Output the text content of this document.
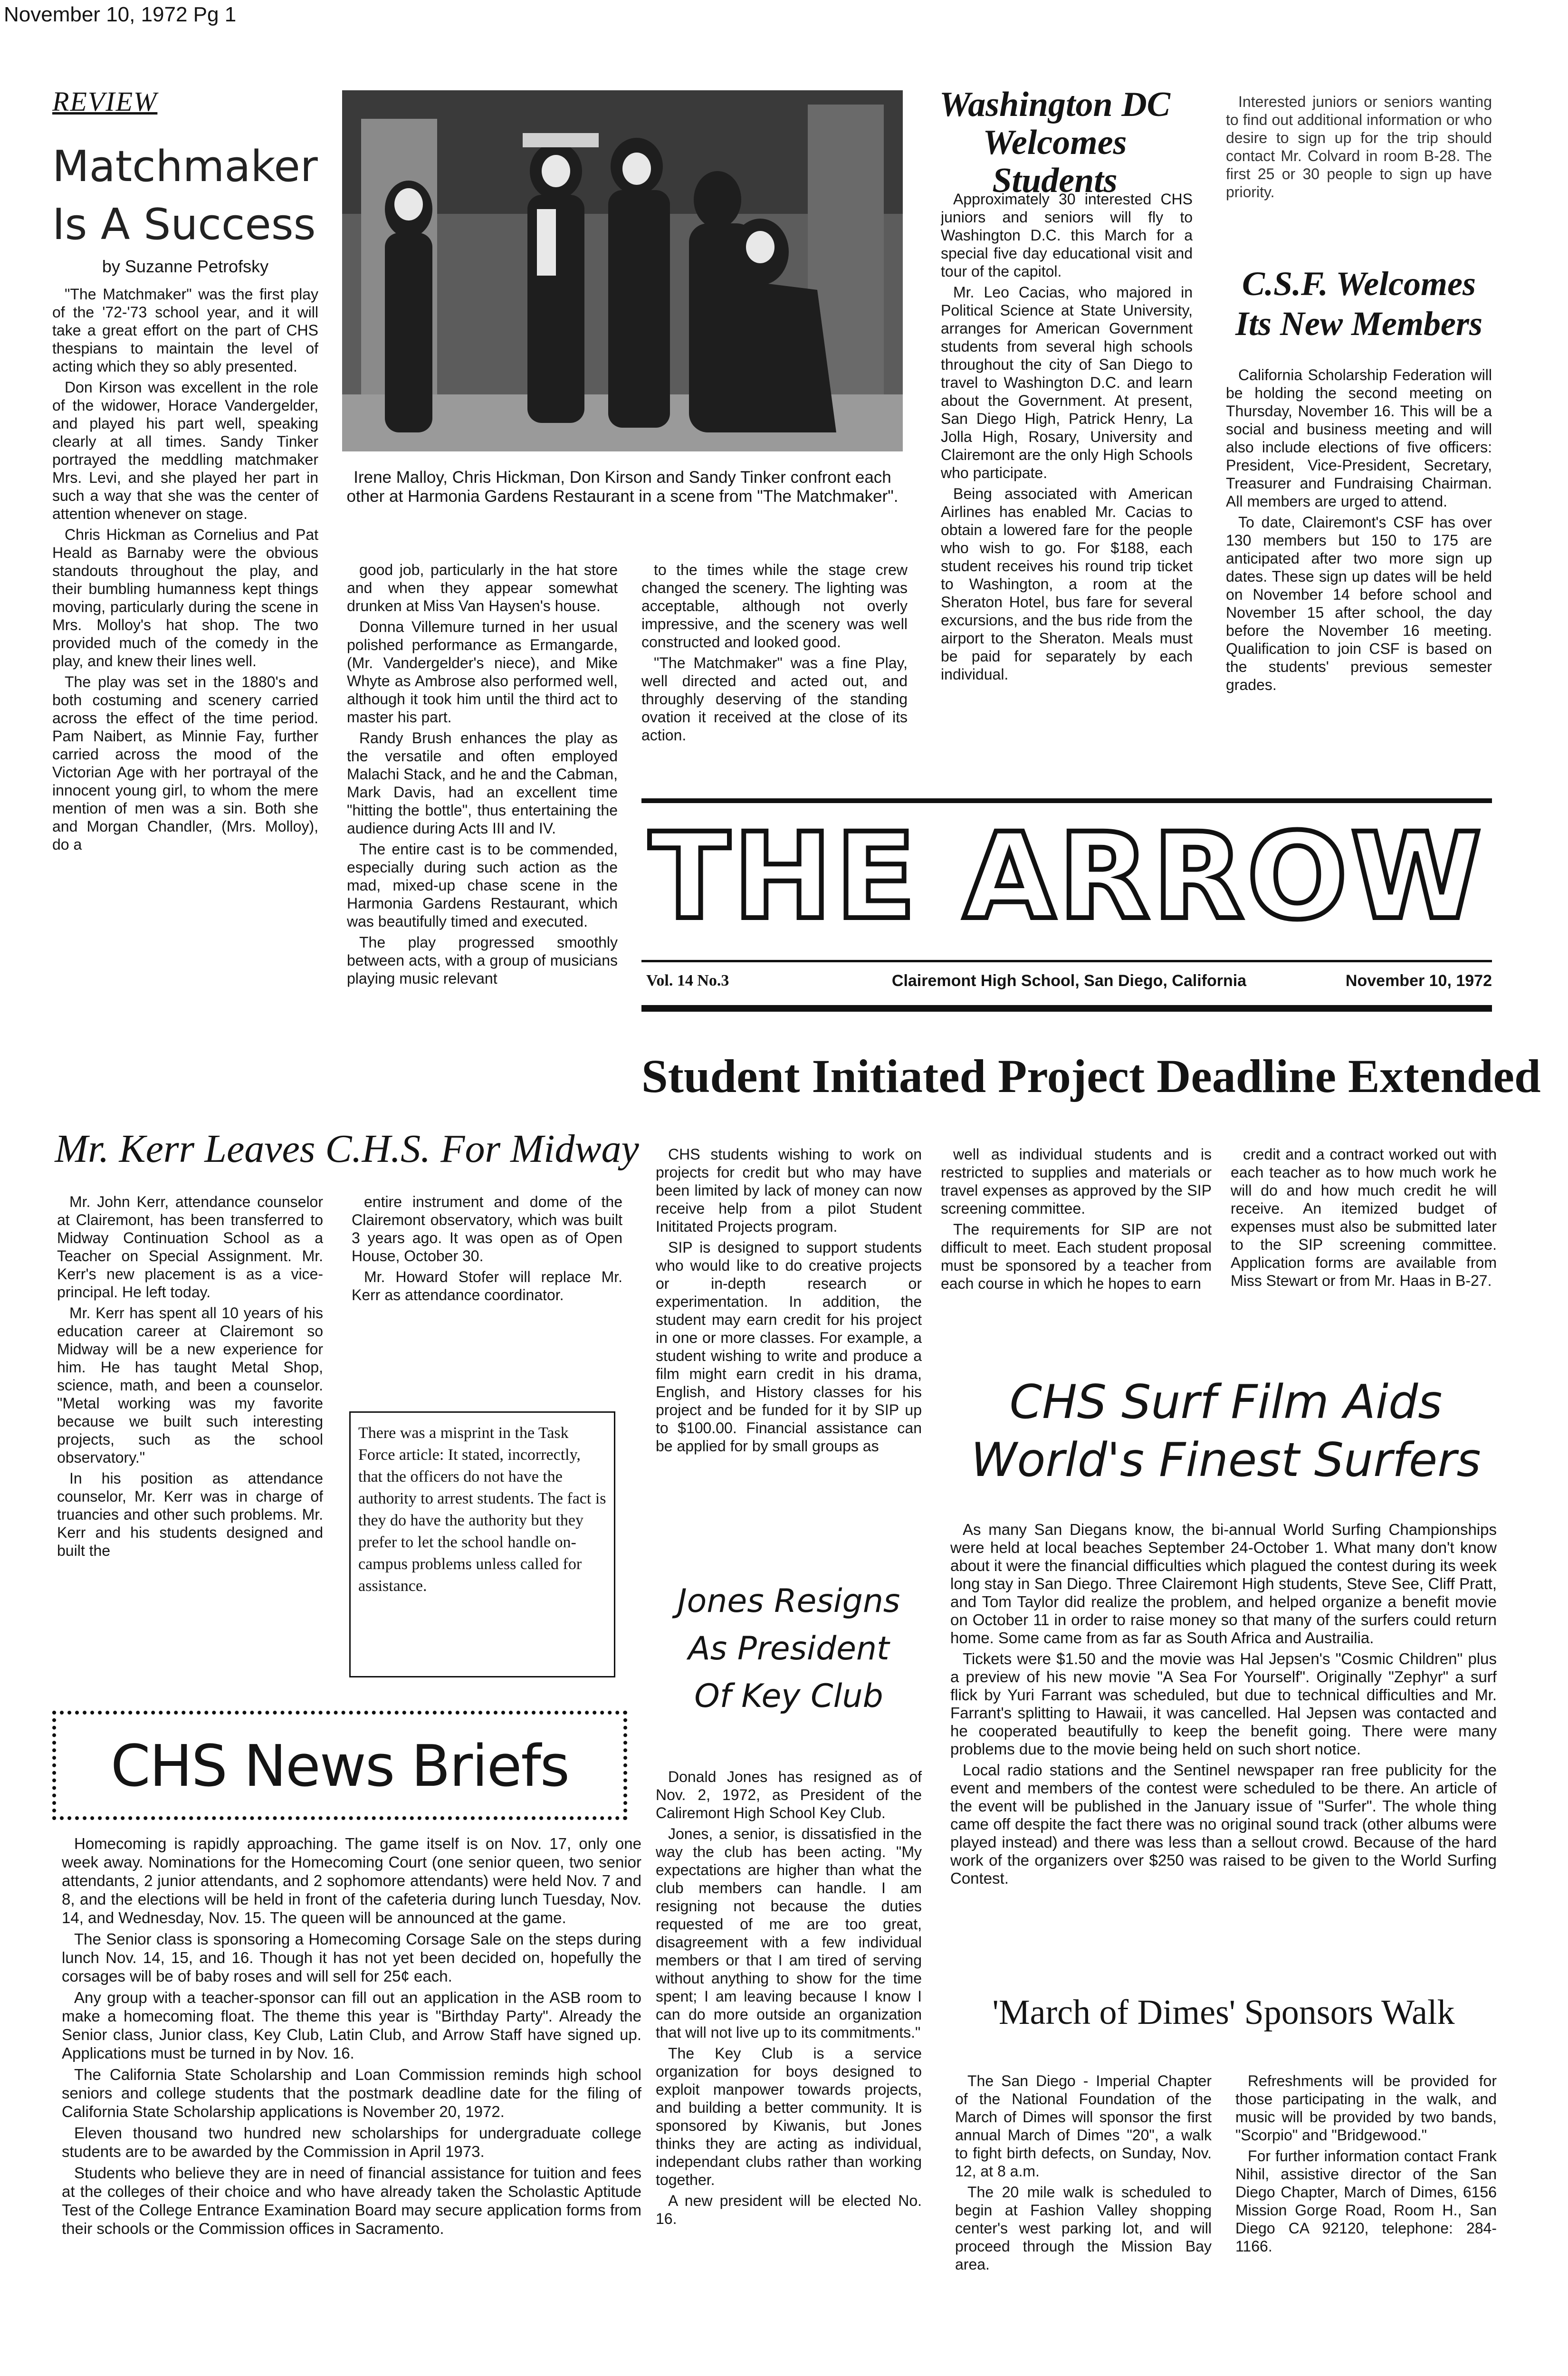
November 10, 1972 Pg 1
REVIEW
Matchmaker
Is A Success
by Suzanne Petrofsky

"The Matchmaker" was the first play of the '72-'73 school year, and it will take a great effort on the part of CHS thespians to maintain the level of acting which they so ably presented.

Don Kirson was excellent in the role of the widower, Horace Vandergelder, and played his part well, speaking clearly at all times. Sandy Tinker portrayed the meddling matchmaker Mrs. Levi, and she played her part in such a way that she was the center of attention whenever on stage.

Chris Hickman as Cornelius and Pat Heald as Barnaby were the obvious standouts throughout the play, and their bumbling humanness kept things moving, particularly during the scene in Mrs. Molloy's hat shop. The two provided much of the comedy in the play, and knew their lines well.

The play was set in the 1880's and both costuming and scenery carried across the effect of the time period. Pam Naibert, as Minnie Fay, further carried across the mood of the Victorian Age with her portrayal of the innocent young girl, to whom the mere mention of men was a sin. Both she and Morgan Chandler, (Mrs. Molloy), do a

Irene Malloy, Chris Hickman, Don Kirson and Sandy Tinker confront each other at Harmonia Gardens Restaurant in a scene from "The Matchmaker".

good job, particularly in the hat store and when they appear somewhat drunken at Miss Van Haysen's house.

Donna Villemure turned in her usual polished performance as Ermangarde, (Mr. Vandergelder's niece), and Mike Whyte as Ambrose also performed well, although it took him until the third act to master his part.

Randy Brush enhances the play as the versatile and often employed Malachi Stack, and he and the Cabman, Mark Davis, had an excellent time "hitting the bottle", thus entertaining the audience during Acts III and IV.

The entire cast is to be commended, especially during such action as the mad, mixed-up chase scene in the Harmonia Gardens Restaurant, which was beautifully timed and executed.

The play progressed smoothly between acts, with a group of musicians playing music relevant

to the times while the stage crew changed the scenery. The lighting was acceptable, although not overly impressive, and the scenery was well constructed and looked good.

"The Matchmaker" was a fine Play, well directed and acted out, and throughly deserving of the standing ovation it received at the close of its action.

Washington DC
Welcomes Students

Approximately 30 interested CHS juniors and seniors will fly to Washington D.C. this March for a special five day educational visit and tour of the capitol.

Mr. Leo Cacias, who majored in Political Science at State University, arranges for American Government students from several high schools throughout the city of San Diego to travel to Washington D.C. and learn about the Government. At present, San Diego High, Patrick Henry, La Jolla High, Rosary, University and Clairemont are the only High Schools who participate.

Being associated with American Airlines has enabled Mr. Cacias to obtain a lowered fare for the people who wish to go. For $188, each student receives his round trip ticket to Washington, a room at the Sheraton Hotel, bus fare for several excursions, and the bus ride from the airport to the Sheraton. Meals must be paid for separately by each individual.

Interested juniors or seniors wanting to find out additional information or who desire to sign up for the trip should contact Mr. Colvard in room B-28. The first 25 or 30 people to sign up have priority.

C.S.F. Welcomes
Its New Members

California Scholarship Federation will be holding the second meeting on Thursday, November 16. This will be a social and business meeting and will also include elections of five officers: President, Vice-President, Secretary, Treasurer and Fundraising Chairman. All members are urged to attend.

To date, Clairemont's CSF has over 130 members but 150 to 175 are anticipated after two more sign up dates. These sign up dates will be held on November 14 before school and November 15 after school, the day before the November 16 meeting. Qualification to join CSF is based on the students' previous semester grades.

THE ARROW
Vol. 14 No.3	Clairemont High School, San Diego, California	November 10, 1972
Student Initiated Project Deadline Extended
Mr. Kerr Leaves C.H.S. For Midway

Mr. John Kerr, attendance counselor at Clairemont, has been transferred to Midway Continuation School as a Teacher on Special Assignment. Mr. Kerr's new placement is as a vice-principal. He left today.

Mr. Kerr has spent all 10 years of his education career at Clairemont so Midway will be a new experience for him. He has taught Metal Shop, science, math, and been a counselor. "Metal working was my favorite because we built such interesting projects, such as the school observatory."

In his position as attendance counselor, Mr. Kerr was in charge of truancies and other such problems. Mr. Kerr and his students designed and built the

entire instrument and dome of the Clairemont observatory, which was built 3 years ago. It was open as of Open House, October 30.

Mr. Howard Stofer will replace Mr. Kerr as attendance coordinator.

There was a misprint in the Task Force article: It stated, incorrectly, that the officers do not have the authority to arrest students. The fact is they do have the authority but they prefer to let the school handle on-campus problems unless called for assistance.
CHS News Briefs

Homecoming is rapidly approaching. The game itself is on Nov. 17, only one week away. Nominations for the Homecoming Court (one senior queen, two senior attendants, 2 junior attendants, and 2 sophomore attendants) were held Nov. 7 and 8, and the elections will be held in front of the cafeteria during lunch Tuesday, Nov. 14, and Wednesday, Nov. 15. The queen will be announced at the game.

The Senior class is sponsoring a Homecoming Corsage Sale on the steps during lunch Nov. 14, 15, and 16. Though it has not yet been decided on, hopefully the corsages will be of baby roses and will sell for 25¢ each.

Any group with a teacher-sponsor can fill out an application in the ASB room to make a homecoming float. The theme this year is "Birthday Party". Already the Senior class, Junior class, Key Club, Latin Club, and Arrow Staff have signed up. Applications must be turned in by Nov. 16.

The California State Scholarship and Loan Commission reminds high school seniors and college students that the postmark deadline date for the filing of California State Scholarship applications is November 20, 1972.

Eleven thousand two hundred new scholarships for undergraduate college students are to be awarded by the Commission in April 1973.

Students who believe they are in need of financial assistance for tuition and fees at the colleges of their choice and who have already taken the Scholastic Aptitude Test of the College Entrance Examination Board may secure application forms from their schools or the Commission offices in Sacramento.

CHS students wishing to work on projects for credit but who may have been limited by lack of money can now receive help from a pilot Student Inititated Projects program.

SIP is designed to support students who would like to do creative projects or in-depth research or experimentation. In addition, the student may earn credit for his project in one or more classes. For example, a student wishing to write and produce a film might earn credit in his drama, English, and History classes for his project and be funded for it by SIP up to $100.00. Financial assistance can be applied for by small groups as

well as individual students and is restricted to supplies and materials or travel expenses as approved by the SIP screening committee.

The requirements for SIP are not difficult to meet. Each student proposal must be sponsored by a teacher from each course in which he hopes to earn

credit and a contract worked out with each teacher as to how much work he will do and how much credit he will receive. An itemized budget of expenses must also be submitted later to the SIP screening committee. Application forms are available from Miss Stewart or from Mr. Haas in B-27.

Jones Resigns
As President
Of Key Club

Donald Jones has resigned as of Nov. 2, 1972, as President of the Caliremont High School Key Club.

Jones, a senior, is dissatisfied in the way the club has been acting. "My expectations are higher than what the club members can handle. I am resigning not because the duties requested of me are too great, disagreement with a few individual members or that I am tired of serving without anything to show for the time spent; I am leaving because I know I can do more outside an organization that will not live up to its commitments."

The Key Club is a service organization for boys designed to exploit manpower towards projects, and building a better community. It is sponsored by Kiwanis, but Jones thinks they are acting as individual, independant clubs rather than working together.

A new president will be elected No. 16.

CHS Surf Film Aids
World's Finest Surfers

As many San Diegans know, the bi-annual World Surfing Championships were held at local beaches September 24-October 1. What many don't know about it were the financial difficulties which plagued the contest during its week long stay in San Diego. Three Clairemont High students, Steve See, Cliff Pratt, and Tom Taylor did realize the problem, and helped organize a benefit movie on October 11 in order to raise money so that many of the surfers could return home. Some came from as far as South Africa and Austrailia.

Tickets were $1.50 and the movie was Hal Jepsen's "Cosmic Children" plus a preview of his new movie "A Sea For Yourself". Originally "Zephyr" a surf flick by Yuri Farrant was scheduled, but due to technical difficulties and Mr. Farrant's splitting to Hawaii, it was cancelled. Hal Jepsen was contacted and he cooperated beautifully to keep the benefit going. There were many problems due to the movie being held on such short notice.

Local radio stations and the Sentinel newspaper ran free publicity for the event and members of the contest were scheduled to be there. An article of the event will be published in the January issue of "Surfer". The whole thing came off despite the fact there was no original sound track (other albums were played instead) and there was less than a sellout crowd. Because of the hard work of the organizers over $250 was raised to be given to the World Surfing Contest.

'March of Dimes' Sponsors Walk

The San Diego - Imperial Chapter of the National Foundation of the March of Dimes will sponsor the first annual March of Dimes "20", a walk to fight birth defects, on Sunday, Nov. 12, at 8 a.m.

The 20 mile walk is scheduled to begin at Fashion Valley shopping center's west parking lot, and will proceed through the Mission Bay area.

Refreshments will be provided for those participating in the walk, and music will be provided by two bands, "Scorpio" and "Bridgewood."

For further information contact Frank Nihil, assistive director of the San Diego Chapter, March of Dimes, 6156 Mission Gorge Road, Room H., San Diego CA 92120, telephone: 284-1166.
